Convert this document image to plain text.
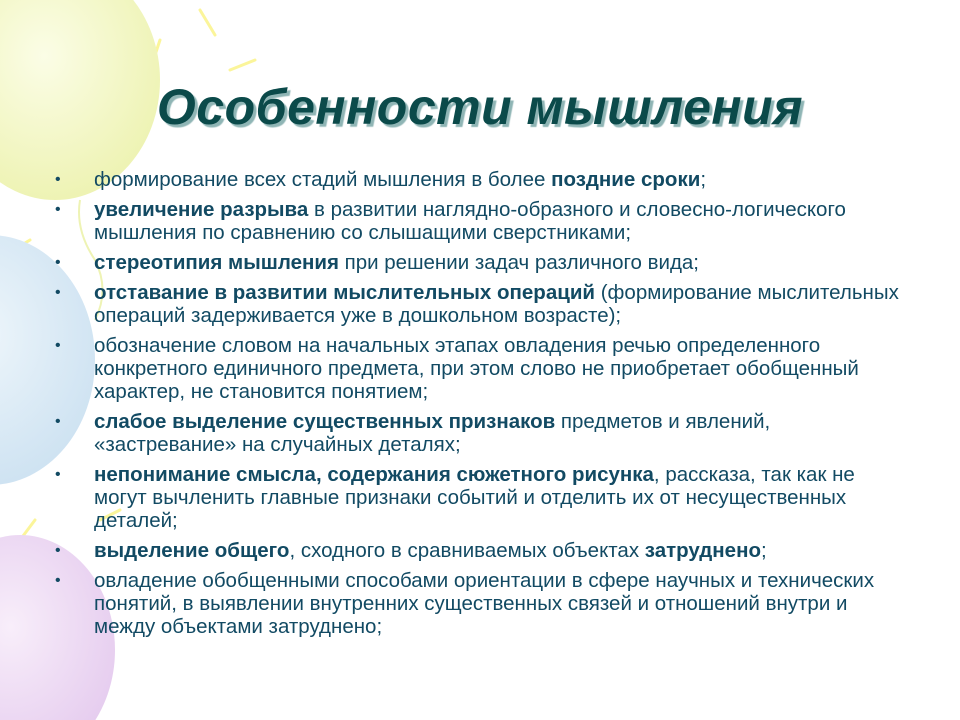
Особенности мышления
• формирование всех стадий мышления в более поздние сроки;
• увеличение разрыва в развитии наглядно-образного и словесно-логического мышления по сравнению со слышащими сверстниками;
• стереотипия мышления при решении задач различного вида;
• отставание в развитии мыслительных операций (формирование мыслительных операций задерживается уже в дошкольном возрасте);
• обозначение словом на начальных этапах овладения речью определенного конкретного единичного предмета, при этом слово не приобретает обобщенный характер, не становится понятием;
• слабое выделение существенных признаков предметов и явлений, «застревание» на случайных деталях;
• непонимание смысла, содержания сюжетного рисунка, рассказа, так как не могут вычленить главные признаки событий и отделить их от несущественных деталей;
• выделение общего, сходного в сравниваемых объектах затруднено;
• овладение обобщенными способами ориентации в сфере научных и технических понятий, в выявлении внутренних существенных связей и отношений внутри и между объектами затруднено;
